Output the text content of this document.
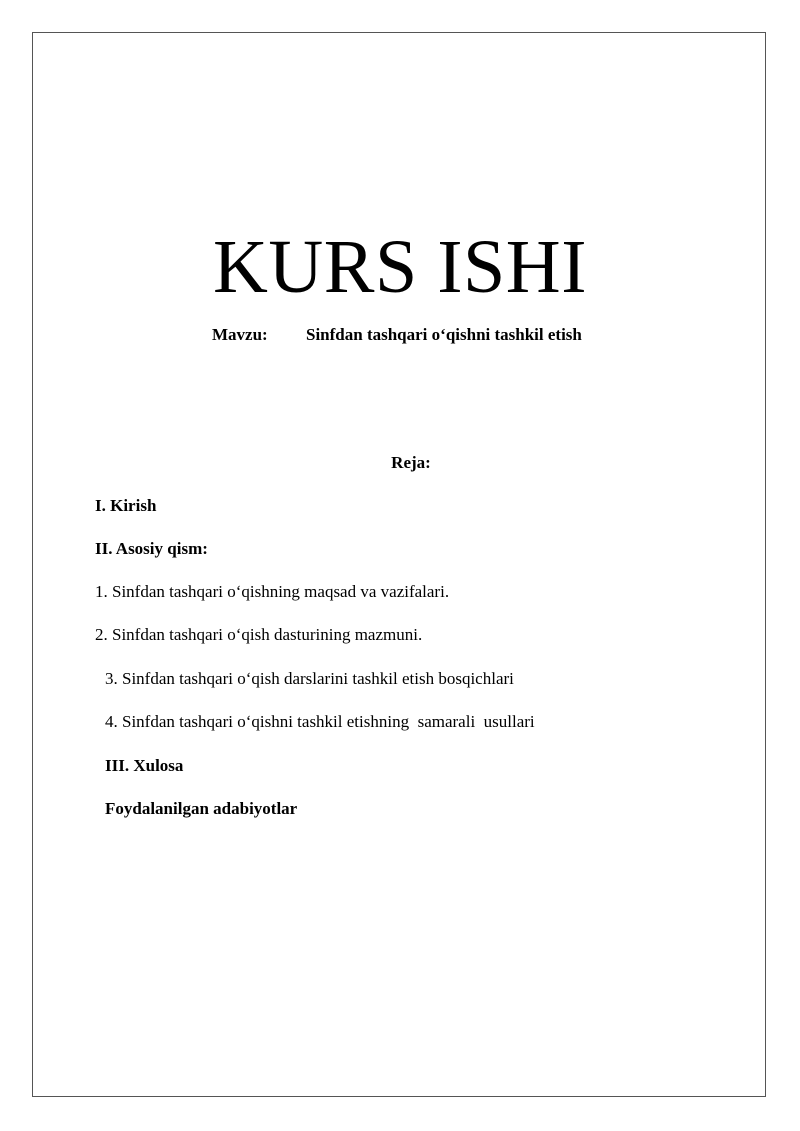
KURS ISHI
Mavzu: Sinfdan tashqari o‘qishni tashkil etish
Reja:
I. Kirish
II. Asosiy qism:
1. Sinfdan tashqari o‘qishning maqsad va vazifalari.
2. Sinfdan tashqari o‘qish dasturining mazmuni.
3. Sinfdan tashqari o‘qish darslarini tashkil etish bosqichlari
4. Sinfdan tashqari o‘qishni tashkil etishning  samarali  usullari
III. Xulosa
Foydalanilgan adabiyotlar
